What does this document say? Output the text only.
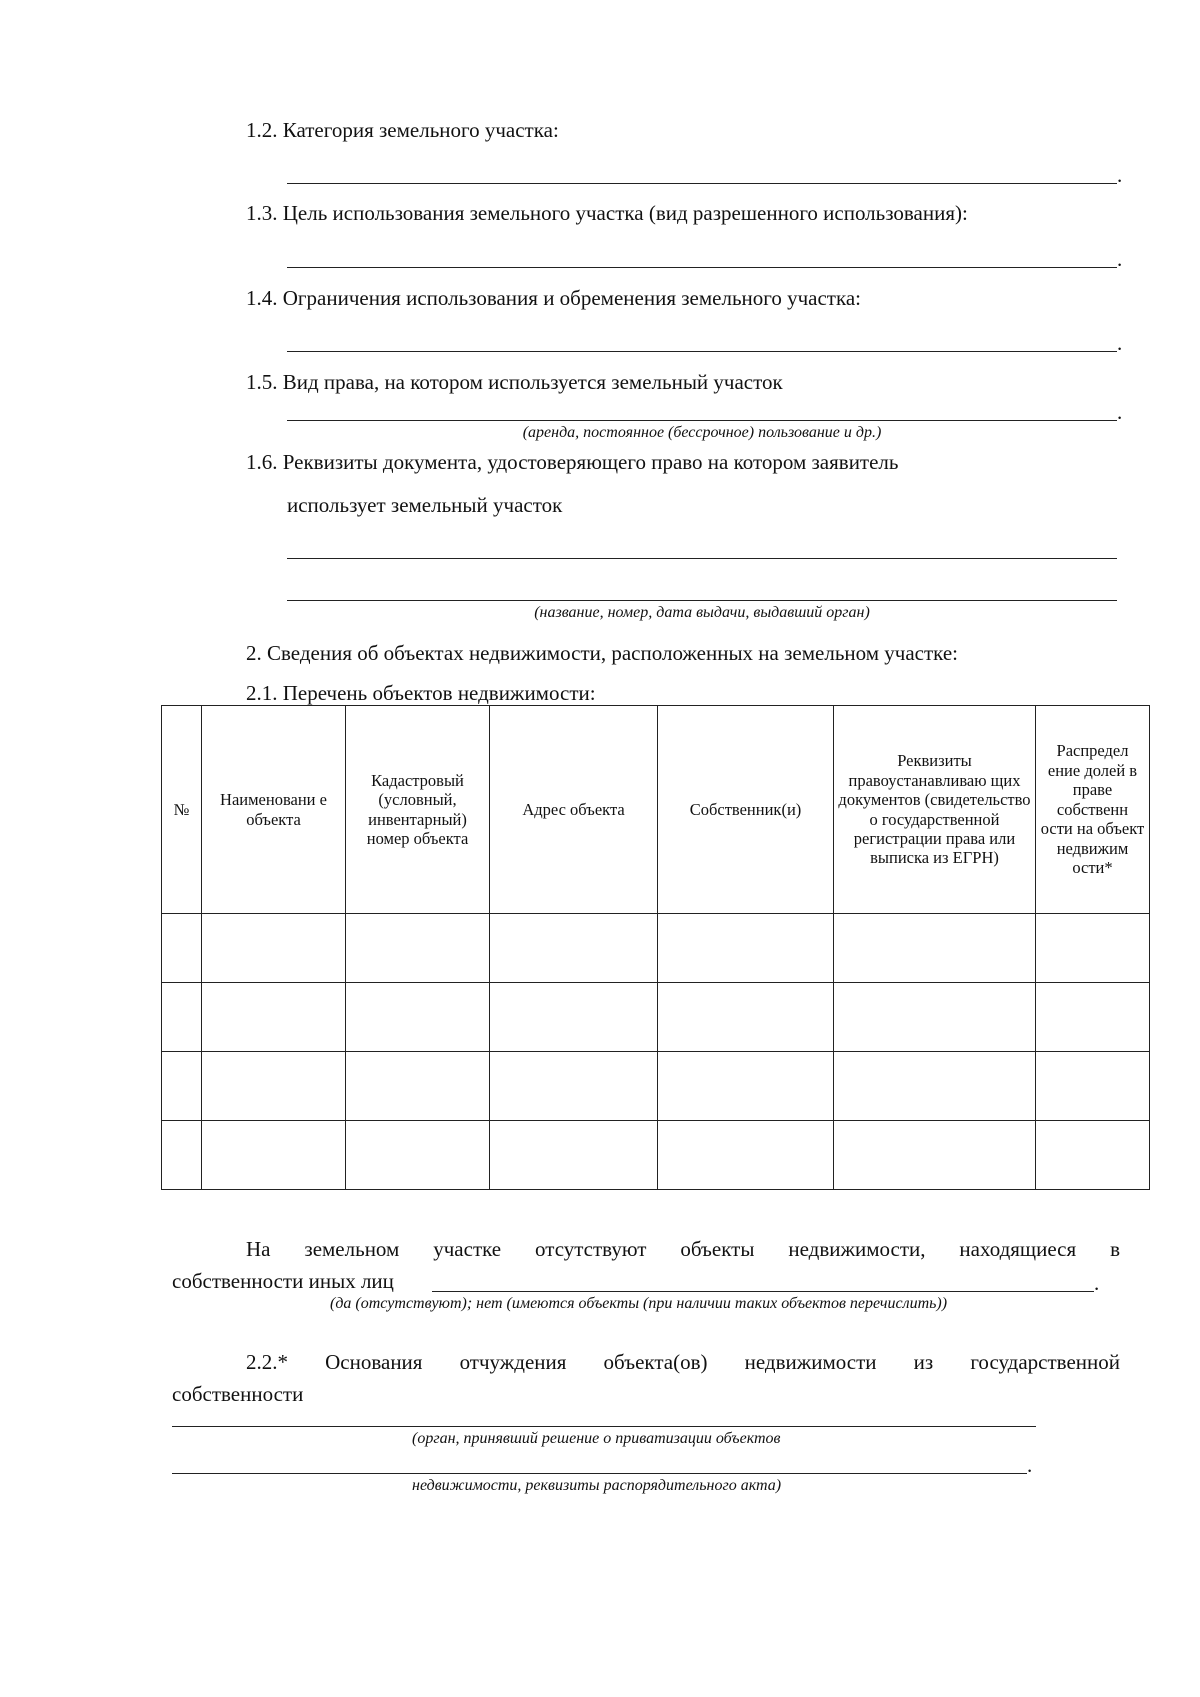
1.2. Категория земельного участка:
.
1.3. Цель использования земельного участка (вид разрешенного использования):
.
1.4. Ограничения использования и обременения земельного участка:
.
1.5. Вид права, на котором используется земельный участок
.
(аренда, постоянное (бессрочное) пользование и др.)
1.6. Реквизиты документа, удостоверяющего право на котором заявитель
использует земельный участок
(название, номер, дата выдачи, выдавший орган)
2. Сведения об объектах недвижимости, расположенных на земельном участке:
2.1. Перечень объектов недвижимости:
№	Наименовани е объекта	Кадастровый (условный, инвентарный) номер объекта	Адрес объекта	Собственник(и)	Реквизиты правоустанавливаю щих документов (свидетельство о государственной регистрации права или выписка из ЕГРН)	Распредел ение долей в праве собственн ости на объект недвижим ости*

На земельном участке отсутствуют объекты недвижимости, находящиеся в
собственности иных лиц	.
(да (отсутствуют); нет (имеются объекты (при наличии таких объектов перечислить))
2.2.* Основания отчуждения объекта(ов) недвижимости из государственной
собственности
(орган, принявший решение о приватизации объектов
.
недвижимости, реквизиты распорядительного акта)
